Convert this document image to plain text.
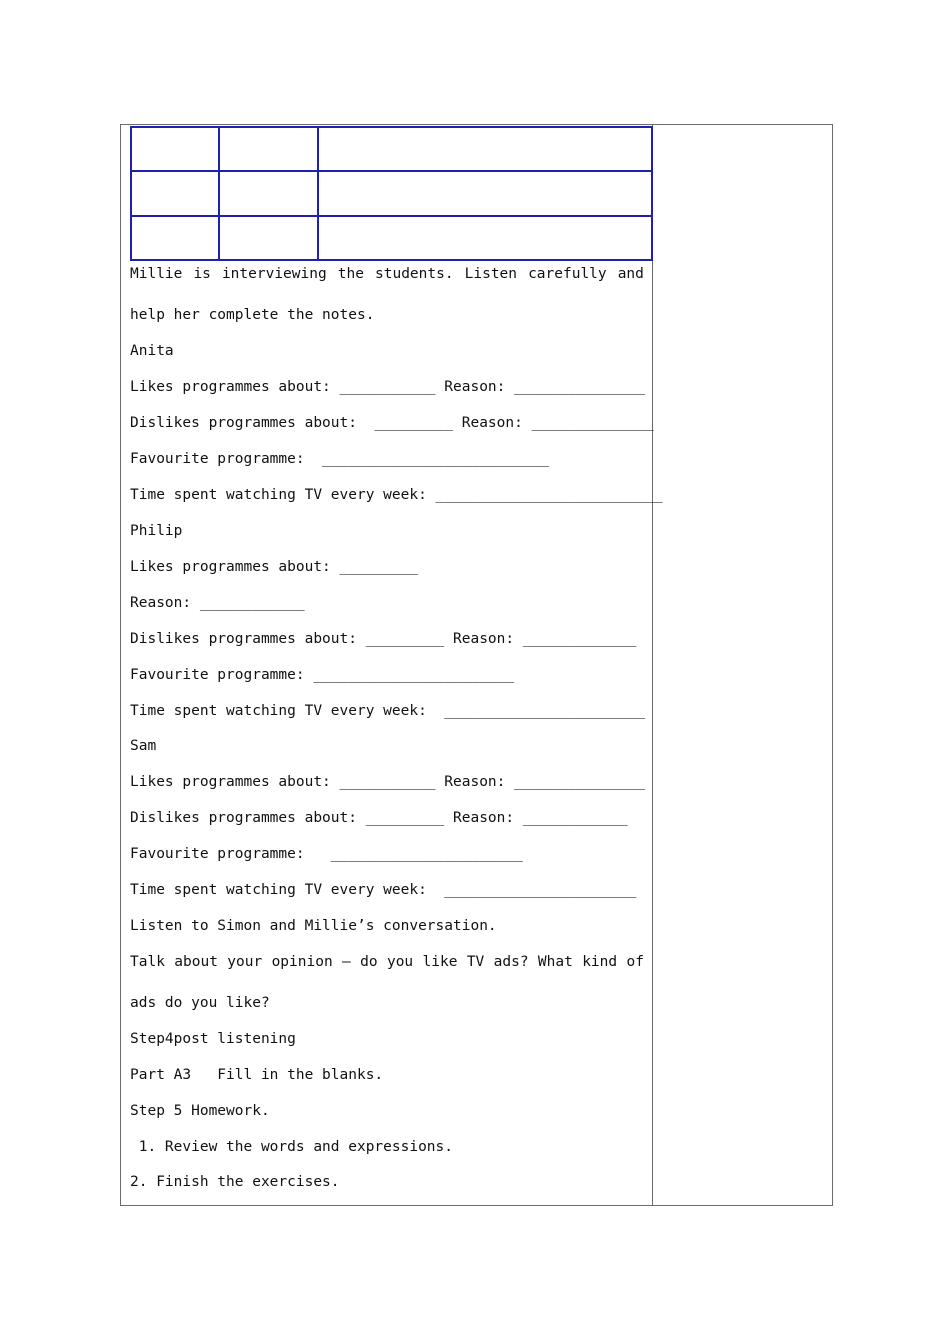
Millie is interviewing the students. Listen carefully and
help her complete the notes.
Anita
Likes programmes about: ___________ Reason: _______________
Dislikes programmes about:  _________ Reason: ______________
Favourite programme:  __________________________
Time spent watching TV every week: __________________________
Philip
Likes programmes about: _________
Reason: ____________
Dislikes programmes about: _________ Reason: _____________
Favourite programme: _______________________
Time spent watching TV every week:  _______________________
Sam
Likes programmes about: ___________ Reason: _______________
Dislikes programmes about: _________ Reason: ____________
Favourite programme:   ______________________
Time spent watching TV every week:  ______________________
Listen to Simon and Millie’s conversation.
Talk about your opinion — do you like TV ads? What kind of
ads do you like?
Step4post listening
Part A3   Fill in the blanks.
Step 5 Homework.
1. Review the words and expressions.
2. Finish the exercises.
